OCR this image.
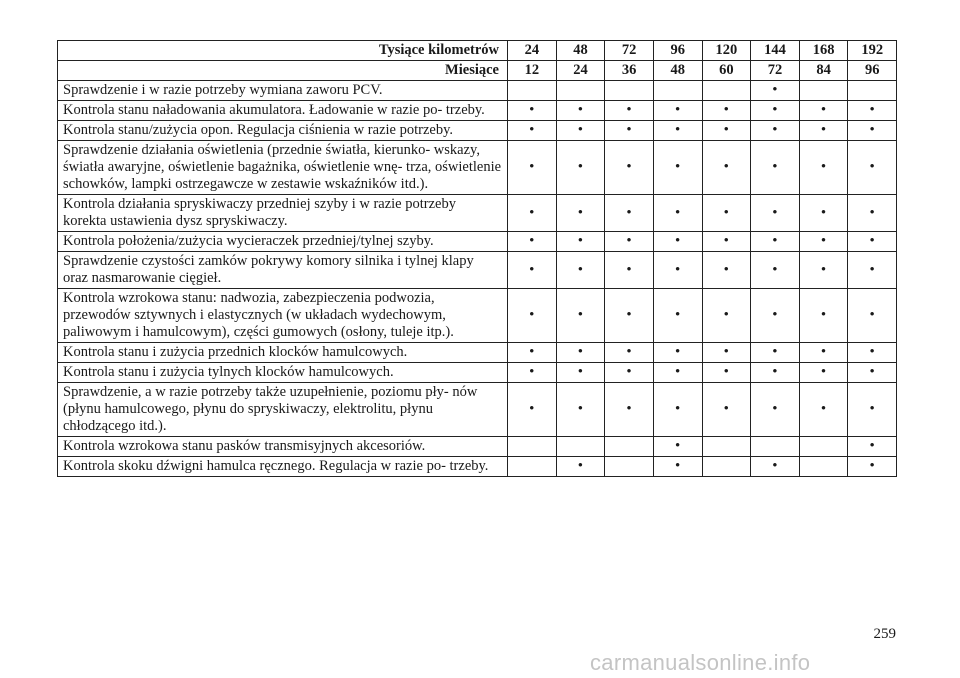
Tysiące kilometrów	24	48	72	96	120	144	168	192
Miesiące	12	24	36	48	60	72	84	96
Sprawdzenie i w razie potrzeby wymiana zaworu PCV.						•		
Kontrola stanu naładowania akumulatora. Ładowanie w razie po- trzeby.	•	•	•	•	•	•	•	•
Kontrola stanu/zużycia opon. Regulacja ciśnienia w razie potrzeby.	•	•	•	•	•	•	•	•
Sprawdzenie działania oświetlenia (przednie światła, kierunko- wskazy, światła awaryjne, oświetlenie bagażnika, oświetlenie wnę- trza, oświetlenie schowków, lampki ostrzegawcze w zestawie wskaźników itd.).	•	•	•	•	•	•	•	•
Kontrola działania spryskiwaczy przedniej szyby i w razie potrzeby korekta ustawienia dysz spryskiwaczy.	•	•	•	•	•	•	•	•
Kontrola położenia/zużycia wycieraczek przedniej/tylnej szyby.	•	•	•	•	•	•	•	•
Sprawdzenie czystości zamków pokrywy komory silnika i tylnej klapy oraz nasmarowanie cięgieł.	•	•	•	•	•	•	•	•
Kontrola wzrokowa stanu: nadwozia, zabezpieczenia podwozia, przewodów sztywnych i elastycznych (w układach wydechowym, paliwowym i hamulcowym), części gumowych (osłony, tuleje itp.).	•	•	•	•	•	•	•	•
Kontrola stanu i zużycia przednich klocków hamulcowych.	•	•	•	•	•	•	•	•
Kontrola stanu i zużycia tylnych klocków hamulcowych.	•	•	•	•	•	•	•	•
Sprawdzenie, a w razie potrzeby także uzupełnienie, poziomu pły- nów (płynu hamulcowego, płynu do spryskiwaczy, elektrolitu, płynu chłodzącego itd.).	•	•	•	•	•	•	•	•
Kontrola wzrokowa stanu pasków transmisyjnych akcesoriów.				•				•
Kontrola skoku dźwigni hamulca ręcznego. Regulacja w razie po- trzeby.		•		•		•		•
259
carmanualsonline.info
